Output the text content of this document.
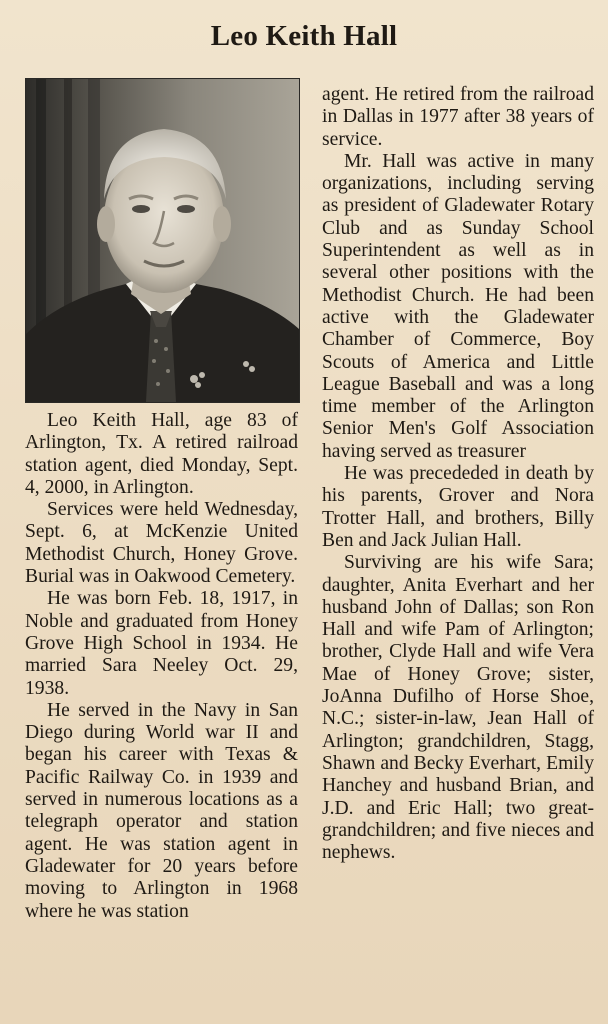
Leo Keith Hall

Leo Keith Hall, age 83 of Arlington, Tx. A retired railroad station agent, died Monday, Sept. 4, 2000, in Arlington.

Services were held Wednesday, Sept. 6, at McKenzie United Methodist Church, Honey Grove. Burial was in Oakwood Cemetery.

He was born Feb. 18, 1917, in Noble and graduated from Honey Grove High School in 1934. He married Sara Neeley Oct. 29, 1938.

He served in the Navy in San Diego during World war II and began his career with Texas & Pacific Railway Co. in 1939 and served in numerous locations as a telegraph operator and station agent. He was station agent in Gladewater for 20 years before moving to Arlington in 1968 where he was station

agent. He retired from the railroad in Dallas in 1977 after 38 years of service.

Mr. Hall was active in many organizations, including serving as president of Gladewater Rotary Club and as Sunday School Superintendent as well as in several other positions with the Methodist Church. He had been active with the Gladewater Chamber of Commerce, Boy Scouts of America and Little League Baseball and was a long time member of the Arlington Senior Men's Golf Association having served as treasurer

He was precededed in death by his parents, Grover and Nora Trotter Hall, and brothers, Billy Ben and Jack Julian Hall.

Surviving are his wife Sara; daughter, Anita Everhart and her husband John of Dallas; son Ron Hall and wife Pam of Arlington; brother, Clyde Hall and wife Vera Mae of Honey Grove; sister, JoAnna Dufilho of Horse Shoe, N.C.; sister-in-law, Jean Hall of Arlington; grandchildren, Stagg, Shawn and Becky Everhart, Emily Hanchey and husband Brian, and J.D. and Eric Hall; two great-grandchildren; and five nieces and nephews.
